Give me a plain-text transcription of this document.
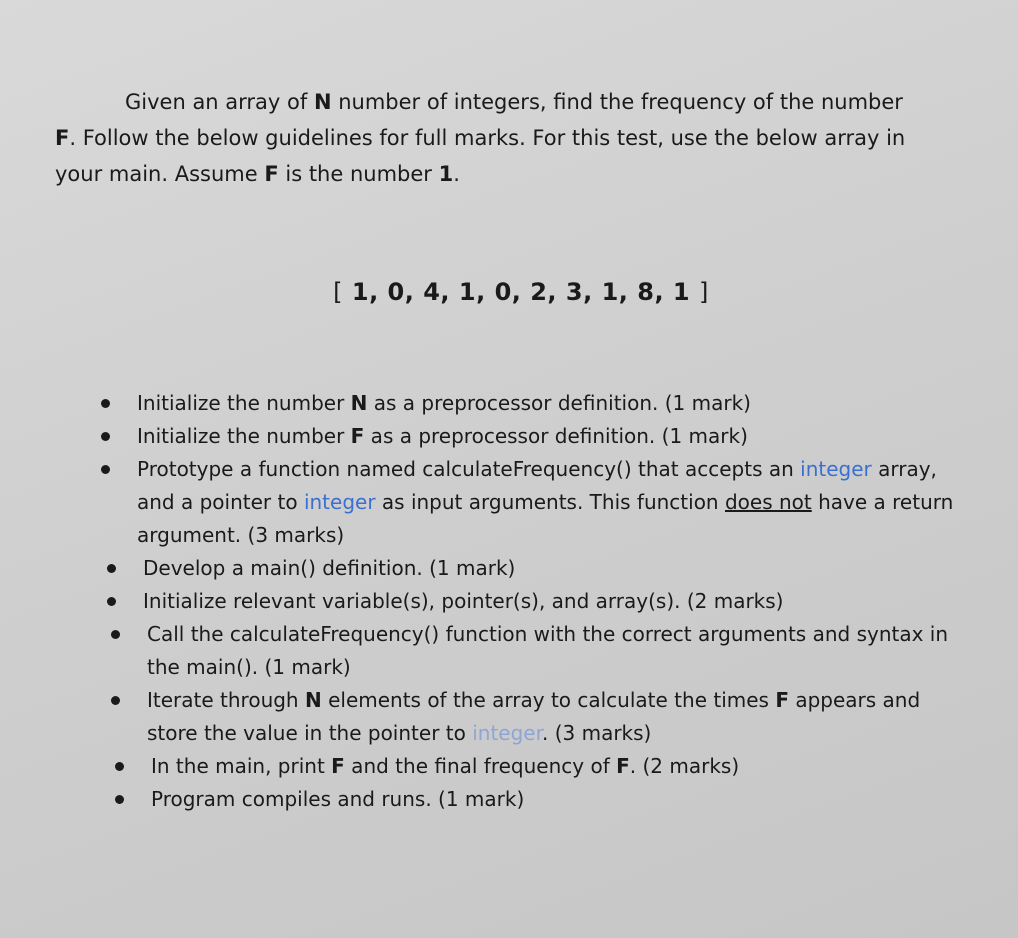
Given an array of N number of integers, find the frequency of the number
F. Follow the below guidelines for full marks. For this test, use the below array in
your main. Assume F is the number 1.
[ 1, 0, 4, 1, 0, 2, 3, 1, 8, 1 ]
Initialize the number N as a preprocessor definition. (1 mark)
Initialize the number F as a preprocessor definition. (1 mark)
Prototype a function named calculateFrequency() that accepts an integer array, and a pointer to integer as input arguments. This function does not have a return argument. (3 marks)
Develop a main() definition. (1 mark)
Initialize relevant variable(s), pointer(s), and array(s). (2 marks)
Call the calculateFrequency() function with the correct arguments and syntax in the main(). (1 mark)
Iterate through N elements of the array to calculate the times F appears and store the value in the pointer to integer. (3 marks)
In the main, print F and the final frequency of F. (2 marks)
Program compiles and runs. (1 mark)
